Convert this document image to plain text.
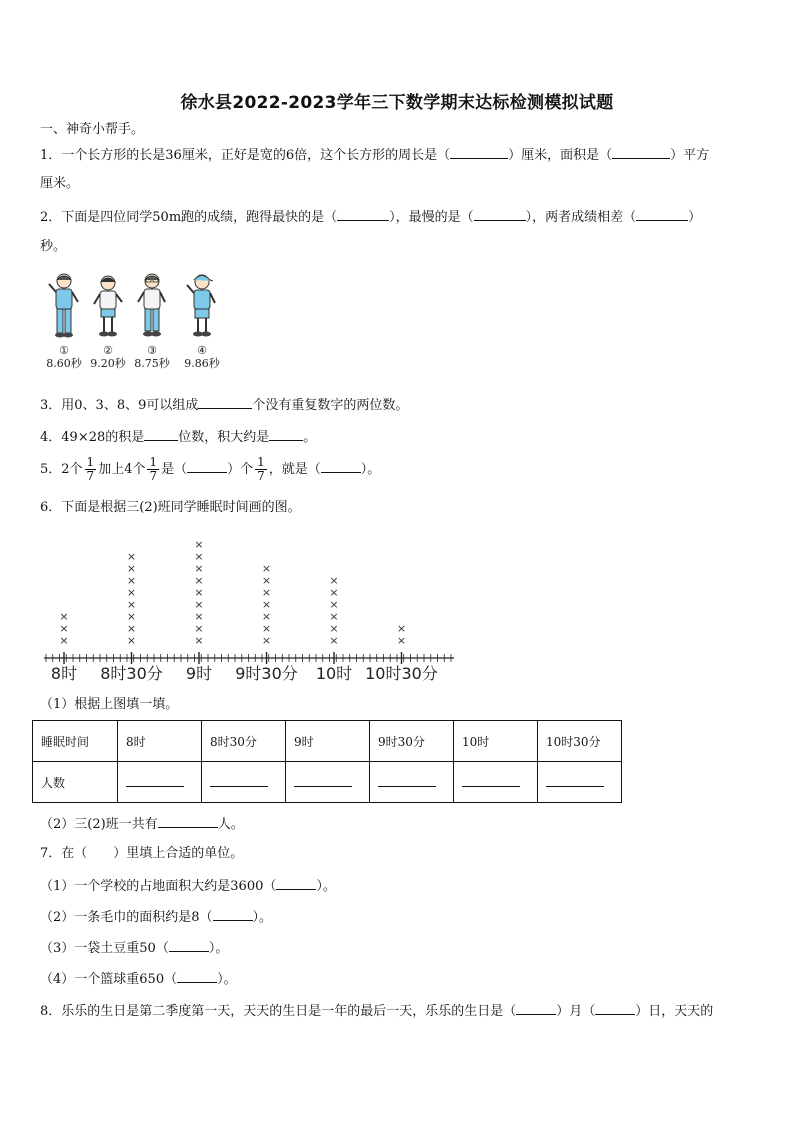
徐水县2022-2023学年三下数学期末达标检测模拟试题
一、神奇小帮手。
1．一个长方形的长是36厘米，正好是宽的6倍，这个长方形的周长是（	）厘米，面积是（	）平方
厘米。
2．下面是四位同学50m跑的成绩，跑得最快的是（	），最慢的是（	），两者成绩相差（	）
秒。
①
8.60秒
②
9.20秒
③
8.75秒
④
9.86秒
3．用0、3、8、9可以组成	个没有重复数字的两位数。
4．49×28的积是	位数，积大约是	。
5．2个 $\frac{1}{7}$ 加上4个 $\frac{1}{7}$ 是（	）个 $\frac{1}{7}$ ，就是（	）。
6．下面是根据三(2)班同学睡眠时间画的图。
×
×
×
×
×
×
×
×
×
×
×
×
×
×
×
×
×
×
×
×
×
×
×
×
×
×
×
×
×
×
×
×
×
×
×
8时 8时30分 9时 9时30分 10时 10时30分
（1）根据上图填一填。
睡眠时间	8时	8时30分	9时	9时30分	10时	10时30分
人数						
（2）三(2)班一共有	人。
7．在（　　）里填上合适的单位。
（1）一个学校的占地面积大约是3600（	）。
（2）一条毛巾的面积约是8（	）。
（3）一袋土豆重50（	）。
（4）一个篮球重650（	）。
8．乐乐的生日是第二季度第一天，天天的生日是一年的最后一天，乐乐的生日是（	）月（	）日，天天的
